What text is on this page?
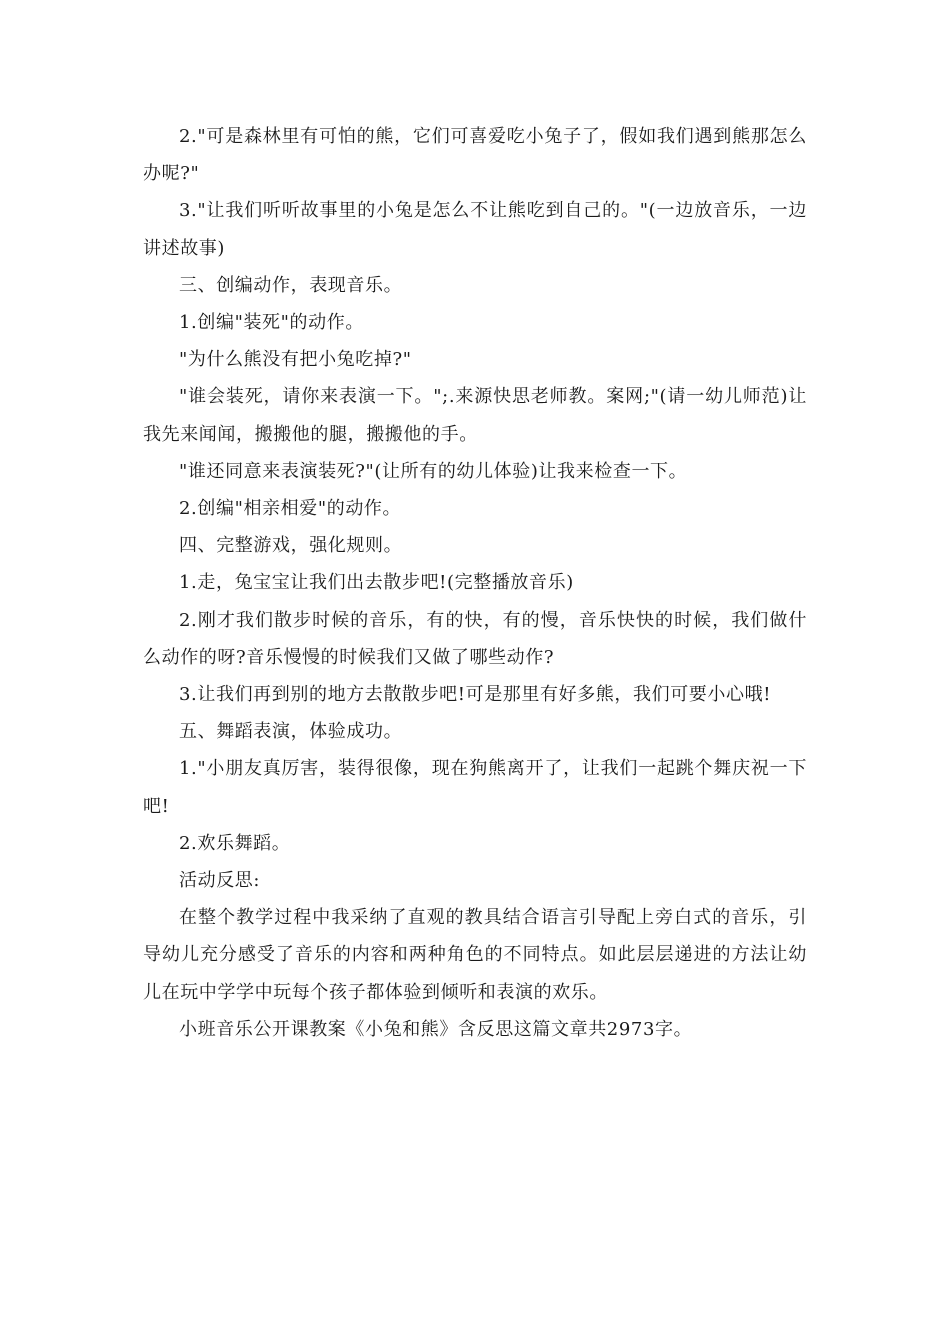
2."可是森林里有可怕的熊，它们可喜爱吃小兔子了，假如我们遇到熊那怎么办呢?"

3."让我们听听故事里的小兔是怎么不让熊吃到自己的。"(一边放音乐，一边讲述故事)

三、创编动作，表现音乐。

1.创编"装死"的动作。

"为什么熊没有把小兔吃掉?"

"谁会装死，请你来表演一下。";.来源快思老师教。案网;"(请一幼儿师范)让我先来闻闻，搬搬他的腿，搬搬他的手。

"谁还同意来表演装死?"(让所有的幼儿体验)让我来检查一下。

2.创编"相亲相爱"的动作。

四、完整游戏，强化规则。

1.走，兔宝宝让我们出去散步吧!(完整播放音乐)

2.刚才我们散步时候的音乐，有的快，有的慢，音乐快快的时候，我们做什么动作的呀?音乐慢慢的时候我们又做了哪些动作?

3.让我们再到别的地方去散散步吧!可是那里有好多熊，我们可要小心哦!

五、舞蹈表演，体验成功。

1."小朋友真厉害，装得很像，现在狗熊离开了，让我们一起跳个舞庆祝一下吧!

2.欢乐舞蹈。

活动反思:

在整个教学过程中我采纳了直观的教具结合语言引导配上旁白式的音乐，引导幼儿充分感受了音乐的内容和两种角色的不同特点。如此层层递进的方法让幼儿在玩中学学中玩每个孩子都体验到倾听和表演的欢乐。

小班音乐公开课教案《小兔和熊》含反思这篇文章共2973字。
